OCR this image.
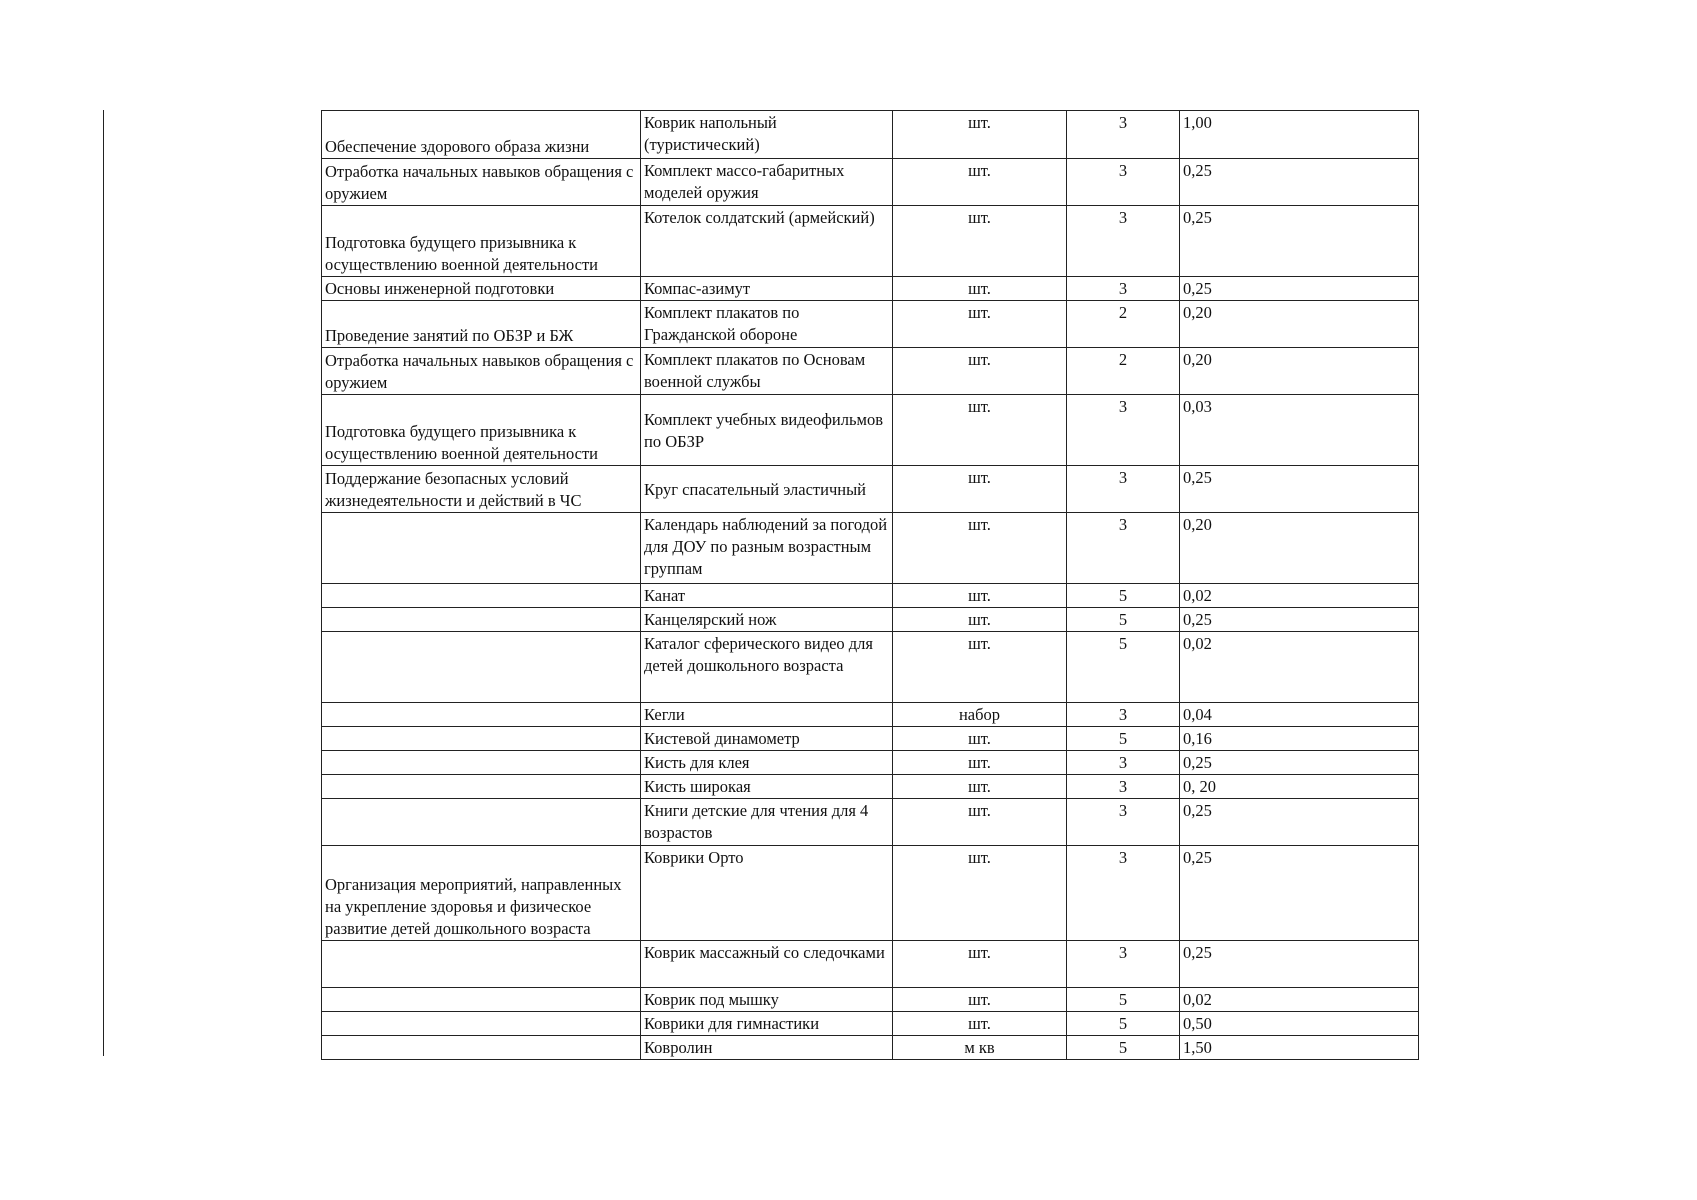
Обеспечение здорового образа жизни	Коврик напольный (туристический)	шт.	3	1,00
Отработка начальных навыков обращения с оружием	Комплект массо-габаритных моделей оружия	шт.	3	0,25
Подготовка будущего призывника к осуществлению военной деятельности	Котелок солдатский (армейский)	шт.	3	0,25
Основы инженерной подготовки	Компас-азимут	шт.	3	0,25
Проведение занятий по ОБЗР и БЖ	Комплект плакатов по Гражданской обороне	шт.	2	0,20
Отработка начальных навыков обращения с оружием	Комплект плакатов по Основам военной службы	шт.	2	0,20
Подготовка будущего призывника к осуществлению военной деятельности	Комплект учебных видеофильмов по ОБЗР	шт.	3	0,03
Поддержание безопасных условий жизнедеятельности и действий в ЧС	Круг спасательный эластичный	шт.	3	0,25
	Календарь наблюдений за погодой для ДОУ по разным возрастным группам	шт.	3	0,20
	Канат	шт.	5	0,02
	Канцелярский нож	шт.	5	0,25
	Каталог сферического видео для детей дошкольного возраста	шт.	5	0,02
	Кегли	набор	3	0,04
	Кистевой динамометр	шт.	5	0,16
	Кисть для клея	шт.	3	0,25
	Кисть широкая	шт.	3	0, 20
	Книги детские для чтения для 4 возрастов	шт.	3	0,25
Организация мероприятий, направленных на укрепление здоровья и физическое развитие детей дошкольного возраста	Коврики Орто	шт.	3	0,25
	Коврик массажный со следочками	шт.	3	0,25
	Коврик под мышку	шт.	5	0,02
	Коврики для гимнастики	шт.	5	0,50
	Ковролин	м кв	5	1,50
